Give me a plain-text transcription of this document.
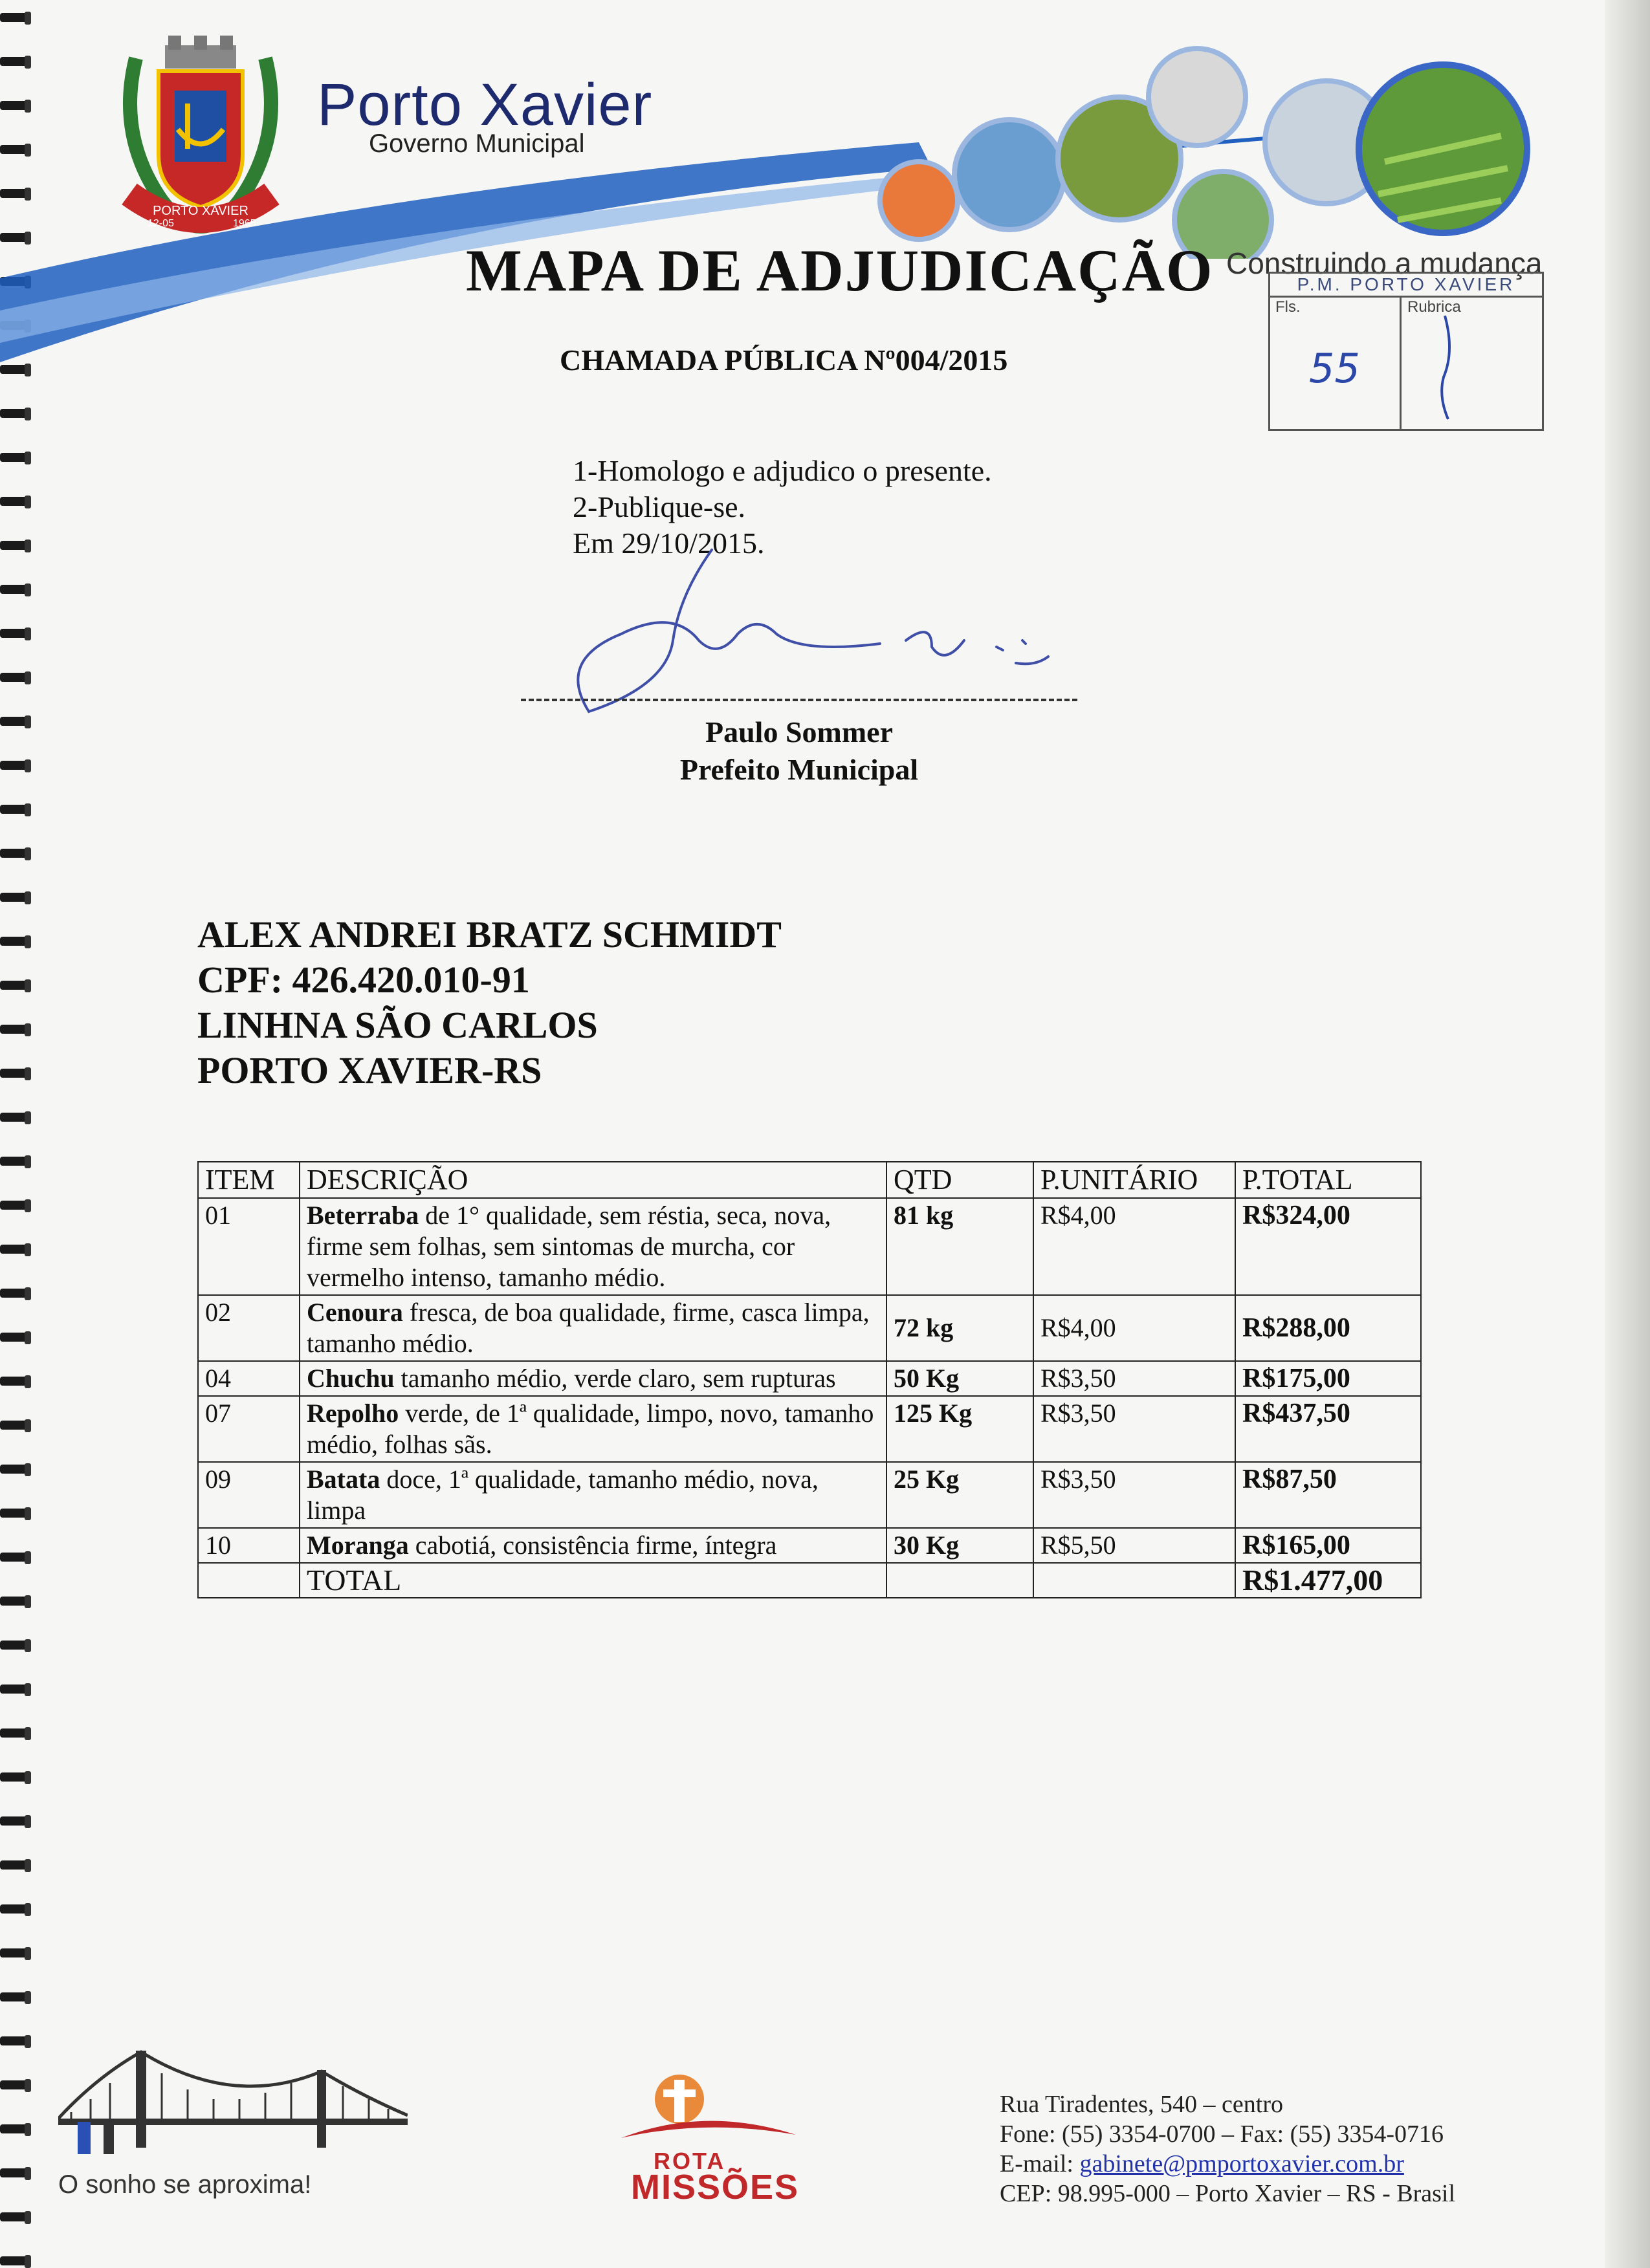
PORTO XAVIER
12-05	1965
Porto Xavier
Governo Municipal
Construindo a mudança
MAPA DE ADJUDICAÇÃO
CHAMADA PÚBLICA Nº004/2015
P.M. PORTO XAVIER
Fls.	Rubrica
55
1-Homologo e adjudico o presente.
2-Publique-se.
Em 29/10/2015.
Paulo Sommer
Prefeito Municipal
ALEX ANDREI BRATZ SCHMIDT
CPF: 426.420.010-91
LINHNA SÃO CARLOS
PORTO XAVIER-RS
ITEM	DESCRIÇÃO	QTD	P.UNITÁRIO	P.TOTAL
01	Beterraba de 1° qualidade, sem réstia, seca, nova, firme sem folhas, sem sintomas de murcha, cor vermelho intenso, tamanho médio.	81 kg	R$4,00	R$324,00
02	Cenoura fresca, de boa qualidade, firme, casca limpa, tamanho médio.	72 kg	R$4,00	R$288,00
04	Chuchu tamanho médio, verde claro, sem rupturas	50 Kg	R$3,50	R$175,00
07	Repolho verde, de 1ª qualidade, limpo, novo, tamanho médio, folhas sãs.	125 Kg	R$3,50	R$437,50
09	Batata doce, 1ª qualidade, tamanho médio, nova, limpa	25 Kg	R$3,50	R$87,50
10	Moranga cabotiá, consistência firme, íntegra	30 Kg	R$5,50	R$165,00
	TOTAL			R$1.477,00
O sonho se aproxima!
ROTA
MISSÕES
Rua Tiradentes, 540 – centro
Fone: (55) 3354-0700 – Fax: (55) 3354-0716
E-mail: gabinete@pmportoxavier.com.br
CEP: 98.995-000 – Porto Xavier – RS - Brasil
